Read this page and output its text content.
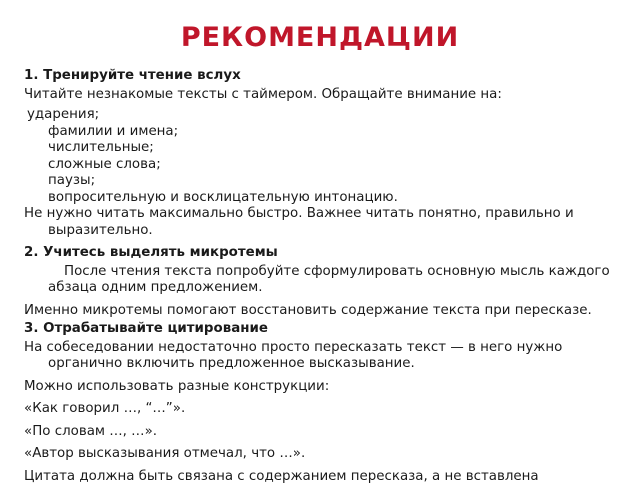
РЕКОМЕНДАЦИИ
1. Тренируйте чтение вслух
Читайте незнакомые тексты с таймером. Обращайте внимание на:
ударения;
фамилии и имена;
числительные;
сложные слова;
паузы;
вопросительную и восклицательную интонацию.
Не нужно читать максимально быстро. Важнее читать понятно, правильно и выразительно.
2. Учитесь выделять микротемы
После чтения текста попробуйте сформулировать основную мысль каждого абзаца одним предложением.
Именно микротемы помогают восстановить содержание текста при пересказе.
3. Отрабатывайте цитирование
На собеседовании недостаточно просто пересказать текст — в него нужно органично включить предложенное высказывание.
Можно использовать разные конструкции:
«Как говорил …, “…”».
«По словам …, …».
«Автор высказывания отмечал, что …».
Цитата должна быть связана с содержанием пересказа, а не вставлена
